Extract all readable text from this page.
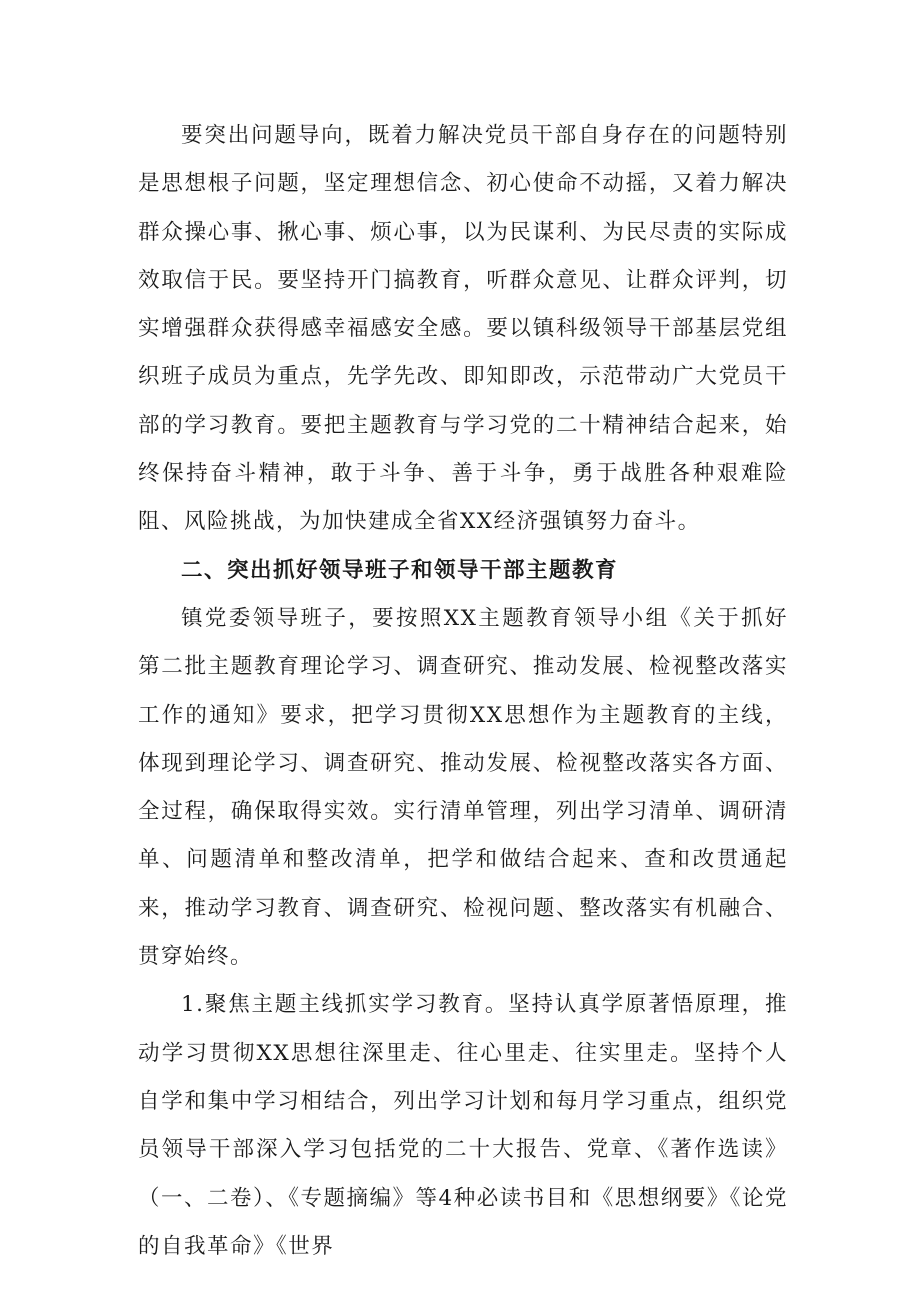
要突出问题导向，既着力解决党员干部自身存在的问题特别是思想根子问题，坚定理想信念、初心使命不动摇，又着力解决群众操心事、揪心事、烦心事，以为民谋利、为民尽责的实际成效取信于民。要坚持开门搞教育，听群众意见、让群众评判，切实增强群众获得感幸福感安全感。要以镇科级领导干部基层党组织班子成员为重点，先学先改、即知即改，示范带动广大党员干部的学习教育。要把主题教育与学习党的二十精神结合起来，始终保持奋斗精神，敢于斗争、善于斗争，勇于战胜各种艰难险阻、风险挑战，为加快建成全省XX经济强镇努力奋斗。

二、突出抓好领导班子和领导干部主题教育

镇党委领导班子，要按照XX主题教育领导小组《关于抓好第二批主题教育理论学习、调查研究、推动发展、检视整改落实工作的通知》要求，把学习贯彻XX思想作为主题教育的主线，体现到理论学习、调查研究、推动发展、检视整改落实各方面、全过程，确保取得实效。实行清单管理，列出学习清单、调研清单、问题清单和整改清单，把学和做结合起来、查和改贯通起来，推动学习教育、调查研究、检视问题、整改落实有机融合、贯穿始终。

1.聚焦主题主线抓实学习教育。坚持认真学原著悟原理，推动学习贯彻XX思想往深里走、往心里走、往实里走。坚持个人自学和集中学习相结合，列出学习计划和每月学习重点，组织党员领导干部深入学习包括党的二十大报告、党章、《著作选读》（一、二卷）、《专题摘编》等4种必读书目和《思想纲要》《论党的自我革命》《世界
